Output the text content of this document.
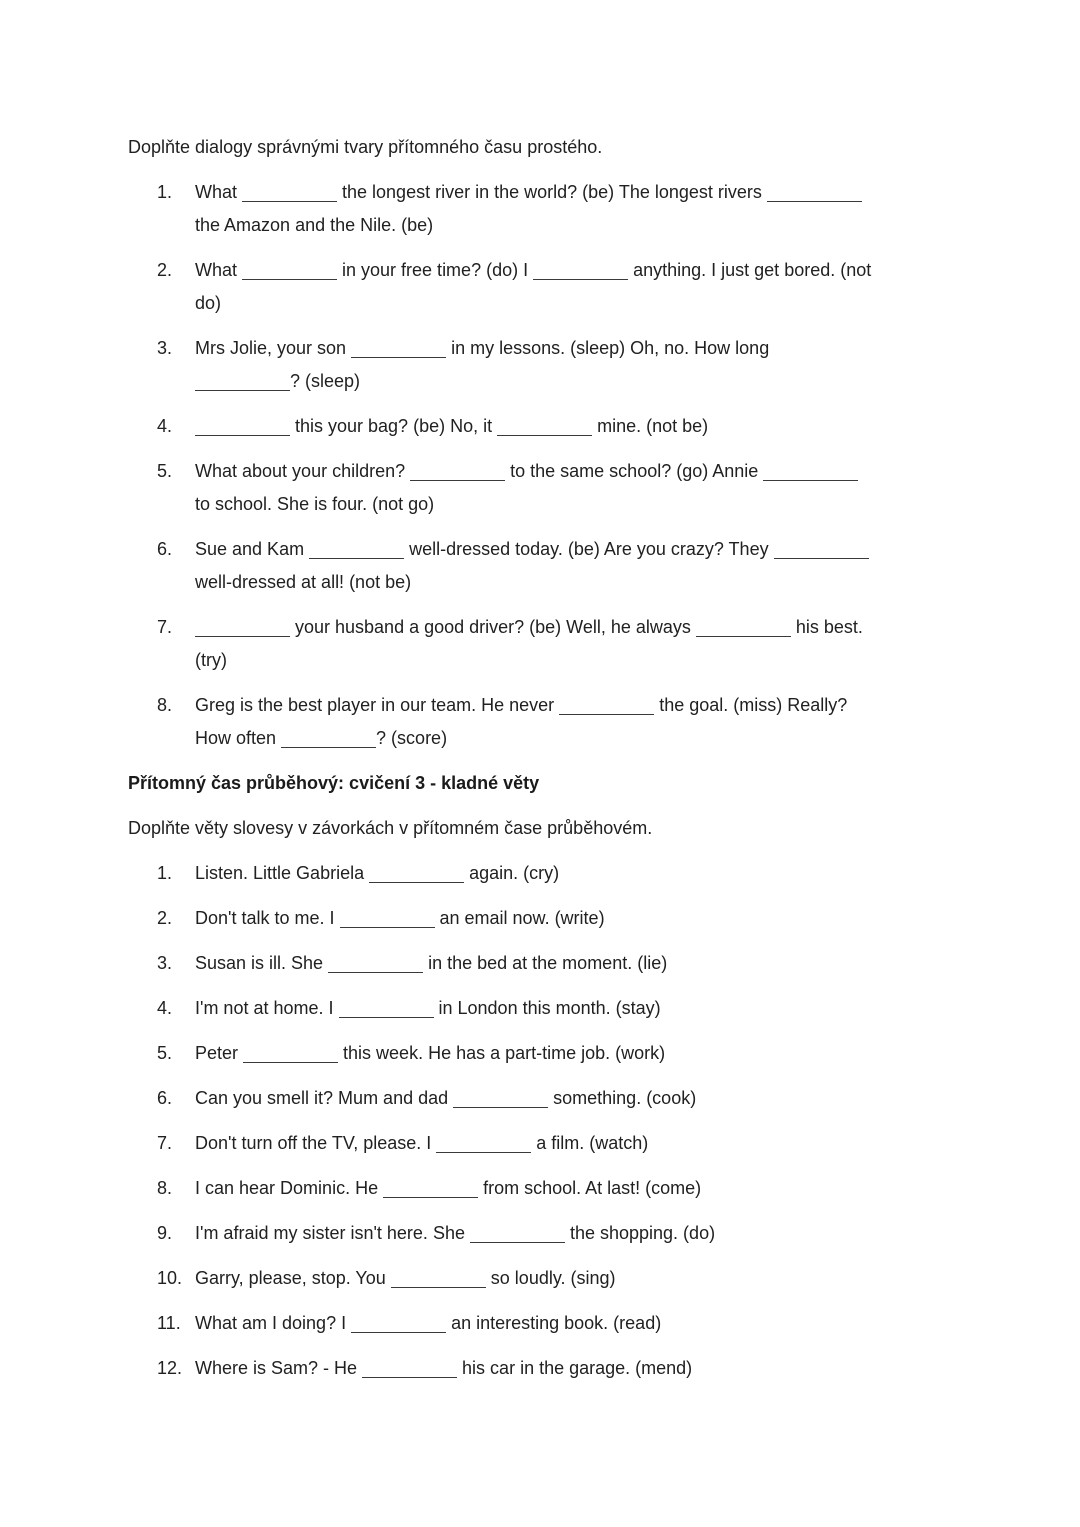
Doplňte dialogy správnými tvary přítomného času prostého.

What	the longest river in the world? (be) The longest rivers
the Amazon and the Nile. (be)
What	in your free time? (do) I	anything. I just get bored. (not
do)
Mrs Jolie, your son	in my lessons. (sleep) Oh, no. How long
? (sleep)
this your bag? (be) No, it	mine. (not be)
What about your children?	to the same school? (go) Annie
to school. She is four. (not go)
Sue and Kam	well-dressed today. (be) Are you crazy? They
well-dressed at all! (not be)
your husband a good driver? (be) Well, he always	his best.
(try)
Greg is the best player in our team. He never	the goal. (miss) Really?
How often	? (score)
Přítomný čas průběhový: cvičení 3 - kladné věty

Doplňte věty slovesy v závorkách v přítomném čase průběhovém.

Listen. Little Gabriela	again. (cry)
Don't talk to me. I	an email now. (write)
Susan is ill. She	in the bed at the moment. (lie)
I'm not at home. I	in London this month. (stay)
Peter	this week. He has a part-time job. (work)
Can you smell it? Mum and dad	something. (cook)
Don't turn off the TV, please. I	a film. (watch)
I can hear Dominic. He	from school. At last! (come)
I'm afraid my sister isn't here. She	the shopping. (do)
Garry, please, stop. You	so loudly. (sing)
What am I doing? I	an interesting book. (read)
Where is Sam? - He	his car in the garage. (mend)
